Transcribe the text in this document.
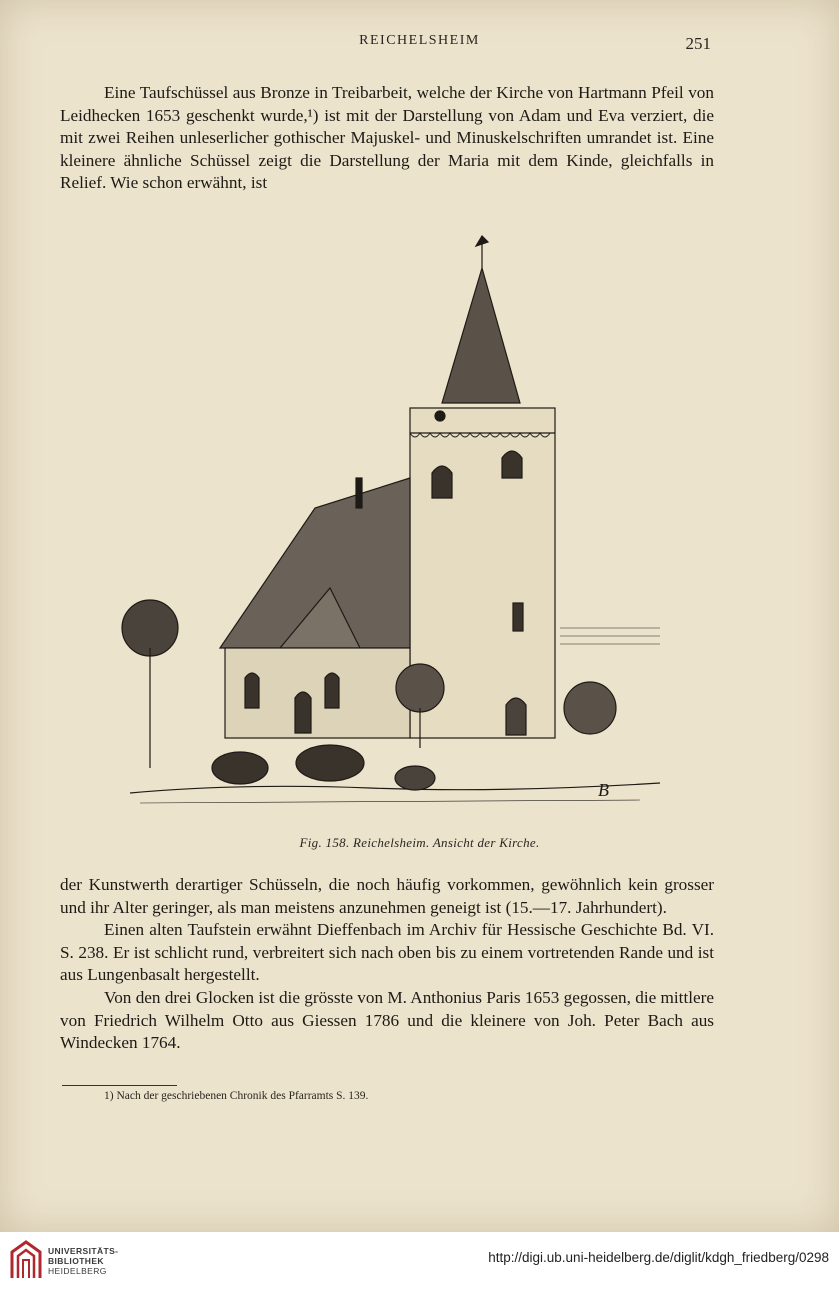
REICHELSHEIM	251

Eine Taufschüssel aus Bronze in Treibarbeit, welche der Kirche von Hartmann Pfeil von Leidhecken 1653 geschenkt wurde,¹) ist mit der Darstellung von Adam und Eva verziert, die mit zwei Reihen unleserlicher gothischer Majuskel- und Minuskelschriften umrandet ist. Eine kleinere ähnliche Schüssel zeigt die Darstellung der Maria mit dem Kinde, gleichfalls in Relief. Wie schon erwähnt, ist

B
Fig. 158. Reichelsheim. Ansicht der Kirche.

der Kunstwerth derartiger Schüsseln, die noch häufig vorkommen, gewöhnlich kein grosser und ihr Alter geringer, als man meistens anzunehmen geneigt ist (15.—17. Jahrhundert).

Einen alten Taufstein erwähnt Dieffenbach im Archiv für Hessische Geschichte Bd. VI. S. 238. Er ist schlicht rund, verbreitert sich nach oben bis zu einem vortretenden Rande und ist aus Lungenbasalt hergestellt.

Von den drei Glocken ist die grösste von M. Anthonius Paris 1653 gegossen, die mittlere von Friedrich Wilhelm Otto aus Giessen 1786 und die kleinere von Joh. Peter Bach aus Windecken 1764.

1) Nach der geschriebenen Chronik des Pfarramts S. 139.
UNIVERSITÄTS-
BIBLIOTHEK
HEIDELBERG
http://digi.ub.uni-heidelberg.de/diglit/kdgh_friedberg/0298
